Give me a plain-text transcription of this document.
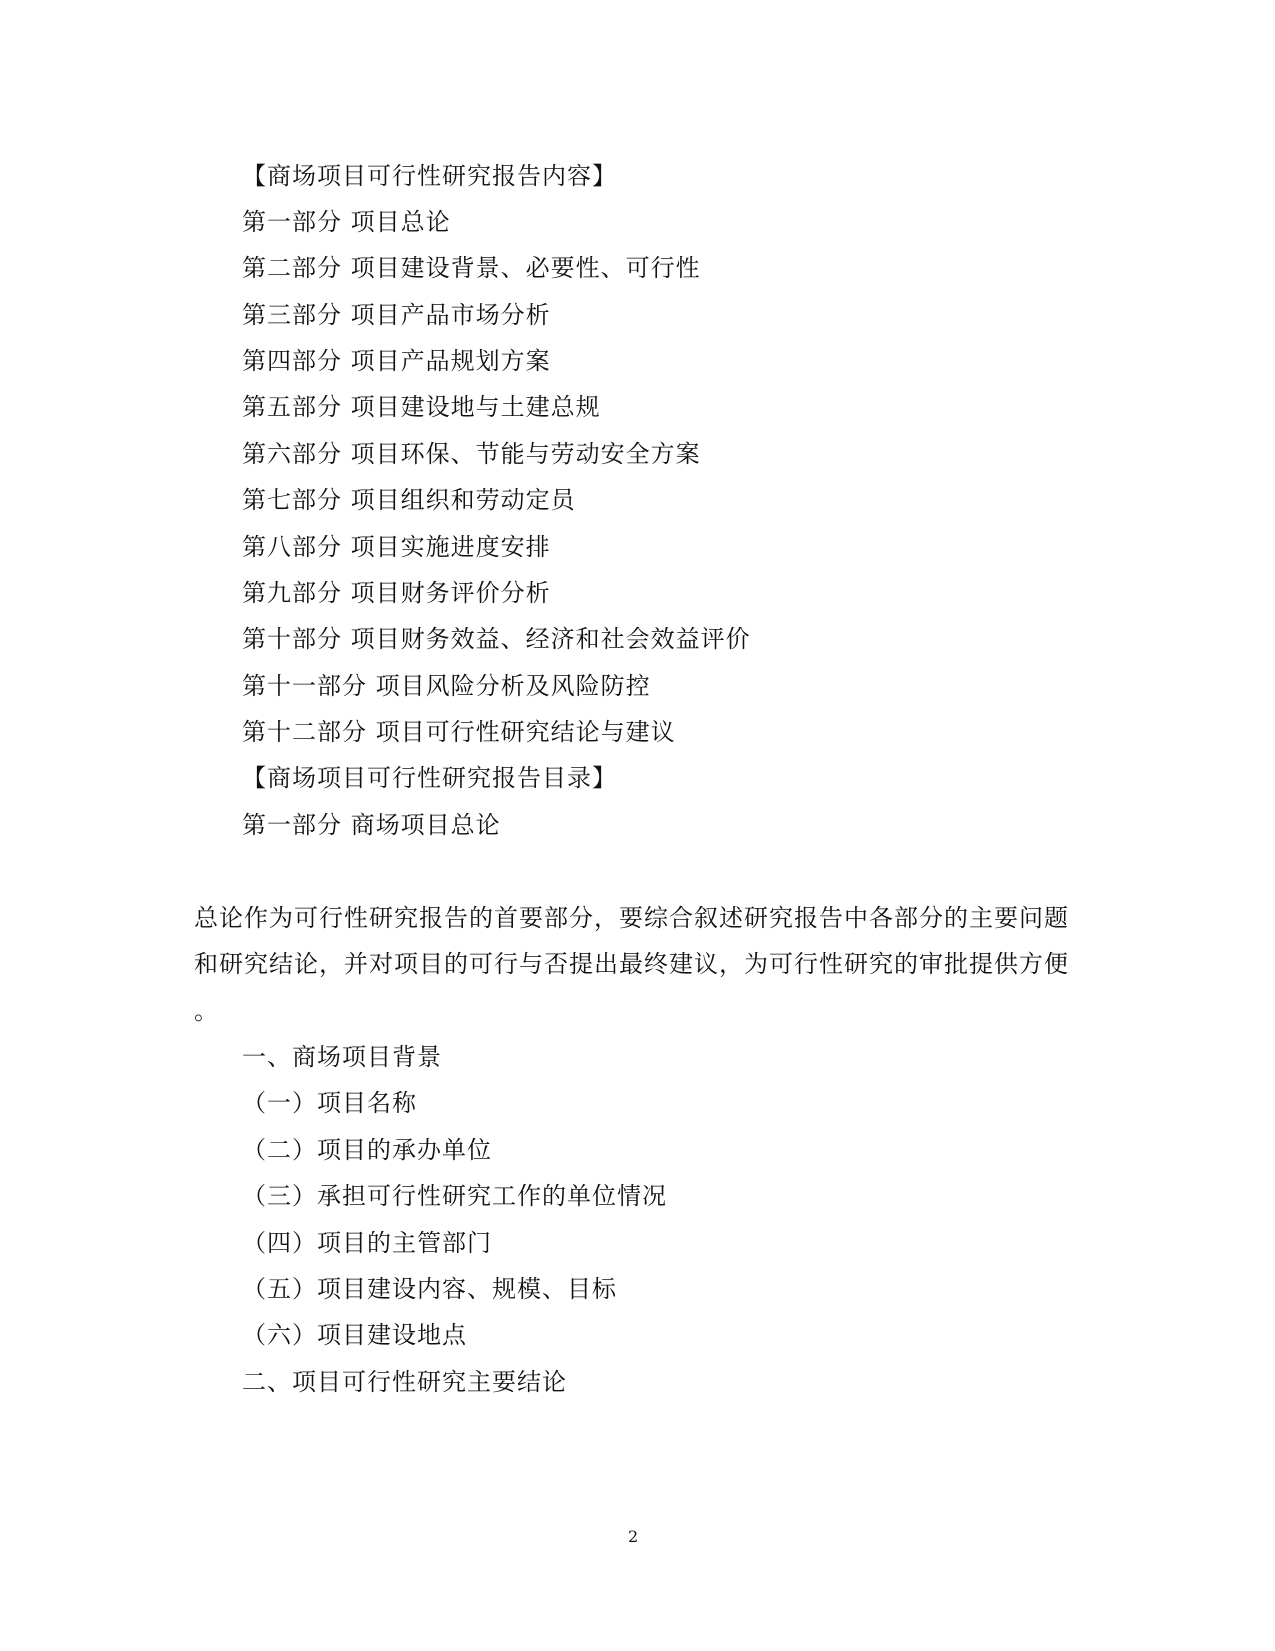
【商场项目可行性研究报告内容】
第一部分 项目总论
第二部分 项目建设背景、必要性、可行性
第三部分 项目产品市场分析
第四部分 项目产品规划方案
第五部分 项目建设地与土建总规
第六部分 项目环保、节能与劳动安全方案
第七部分 项目组织和劳动定员
第八部分 项目实施进度安排
第九部分 项目财务评价分析
第十部分 项目财务效益、经济和社会效益评价
第十一部分 项目风险分析及风险防控
第十二部分 项目可行性研究结论与建议
【商场项目可行性研究报告目录】
第一部分 商场项目总论
总论作为可行性研究报告的首要部分，要综合叙述研究报告中各部分的主要问题
和研究结论，并对项目的可行与否提出最终建议，为可行性研究的审批提供方便
。
一、商场项目背景
（一）项目名称
（二）项目的承办单位
（三）承担可行性研究工作的单位情况
（四）项目的主管部门
（五）项目建设内容、规模、目标
（六）项目建设地点
二、项目可行性研究主要结论
2
